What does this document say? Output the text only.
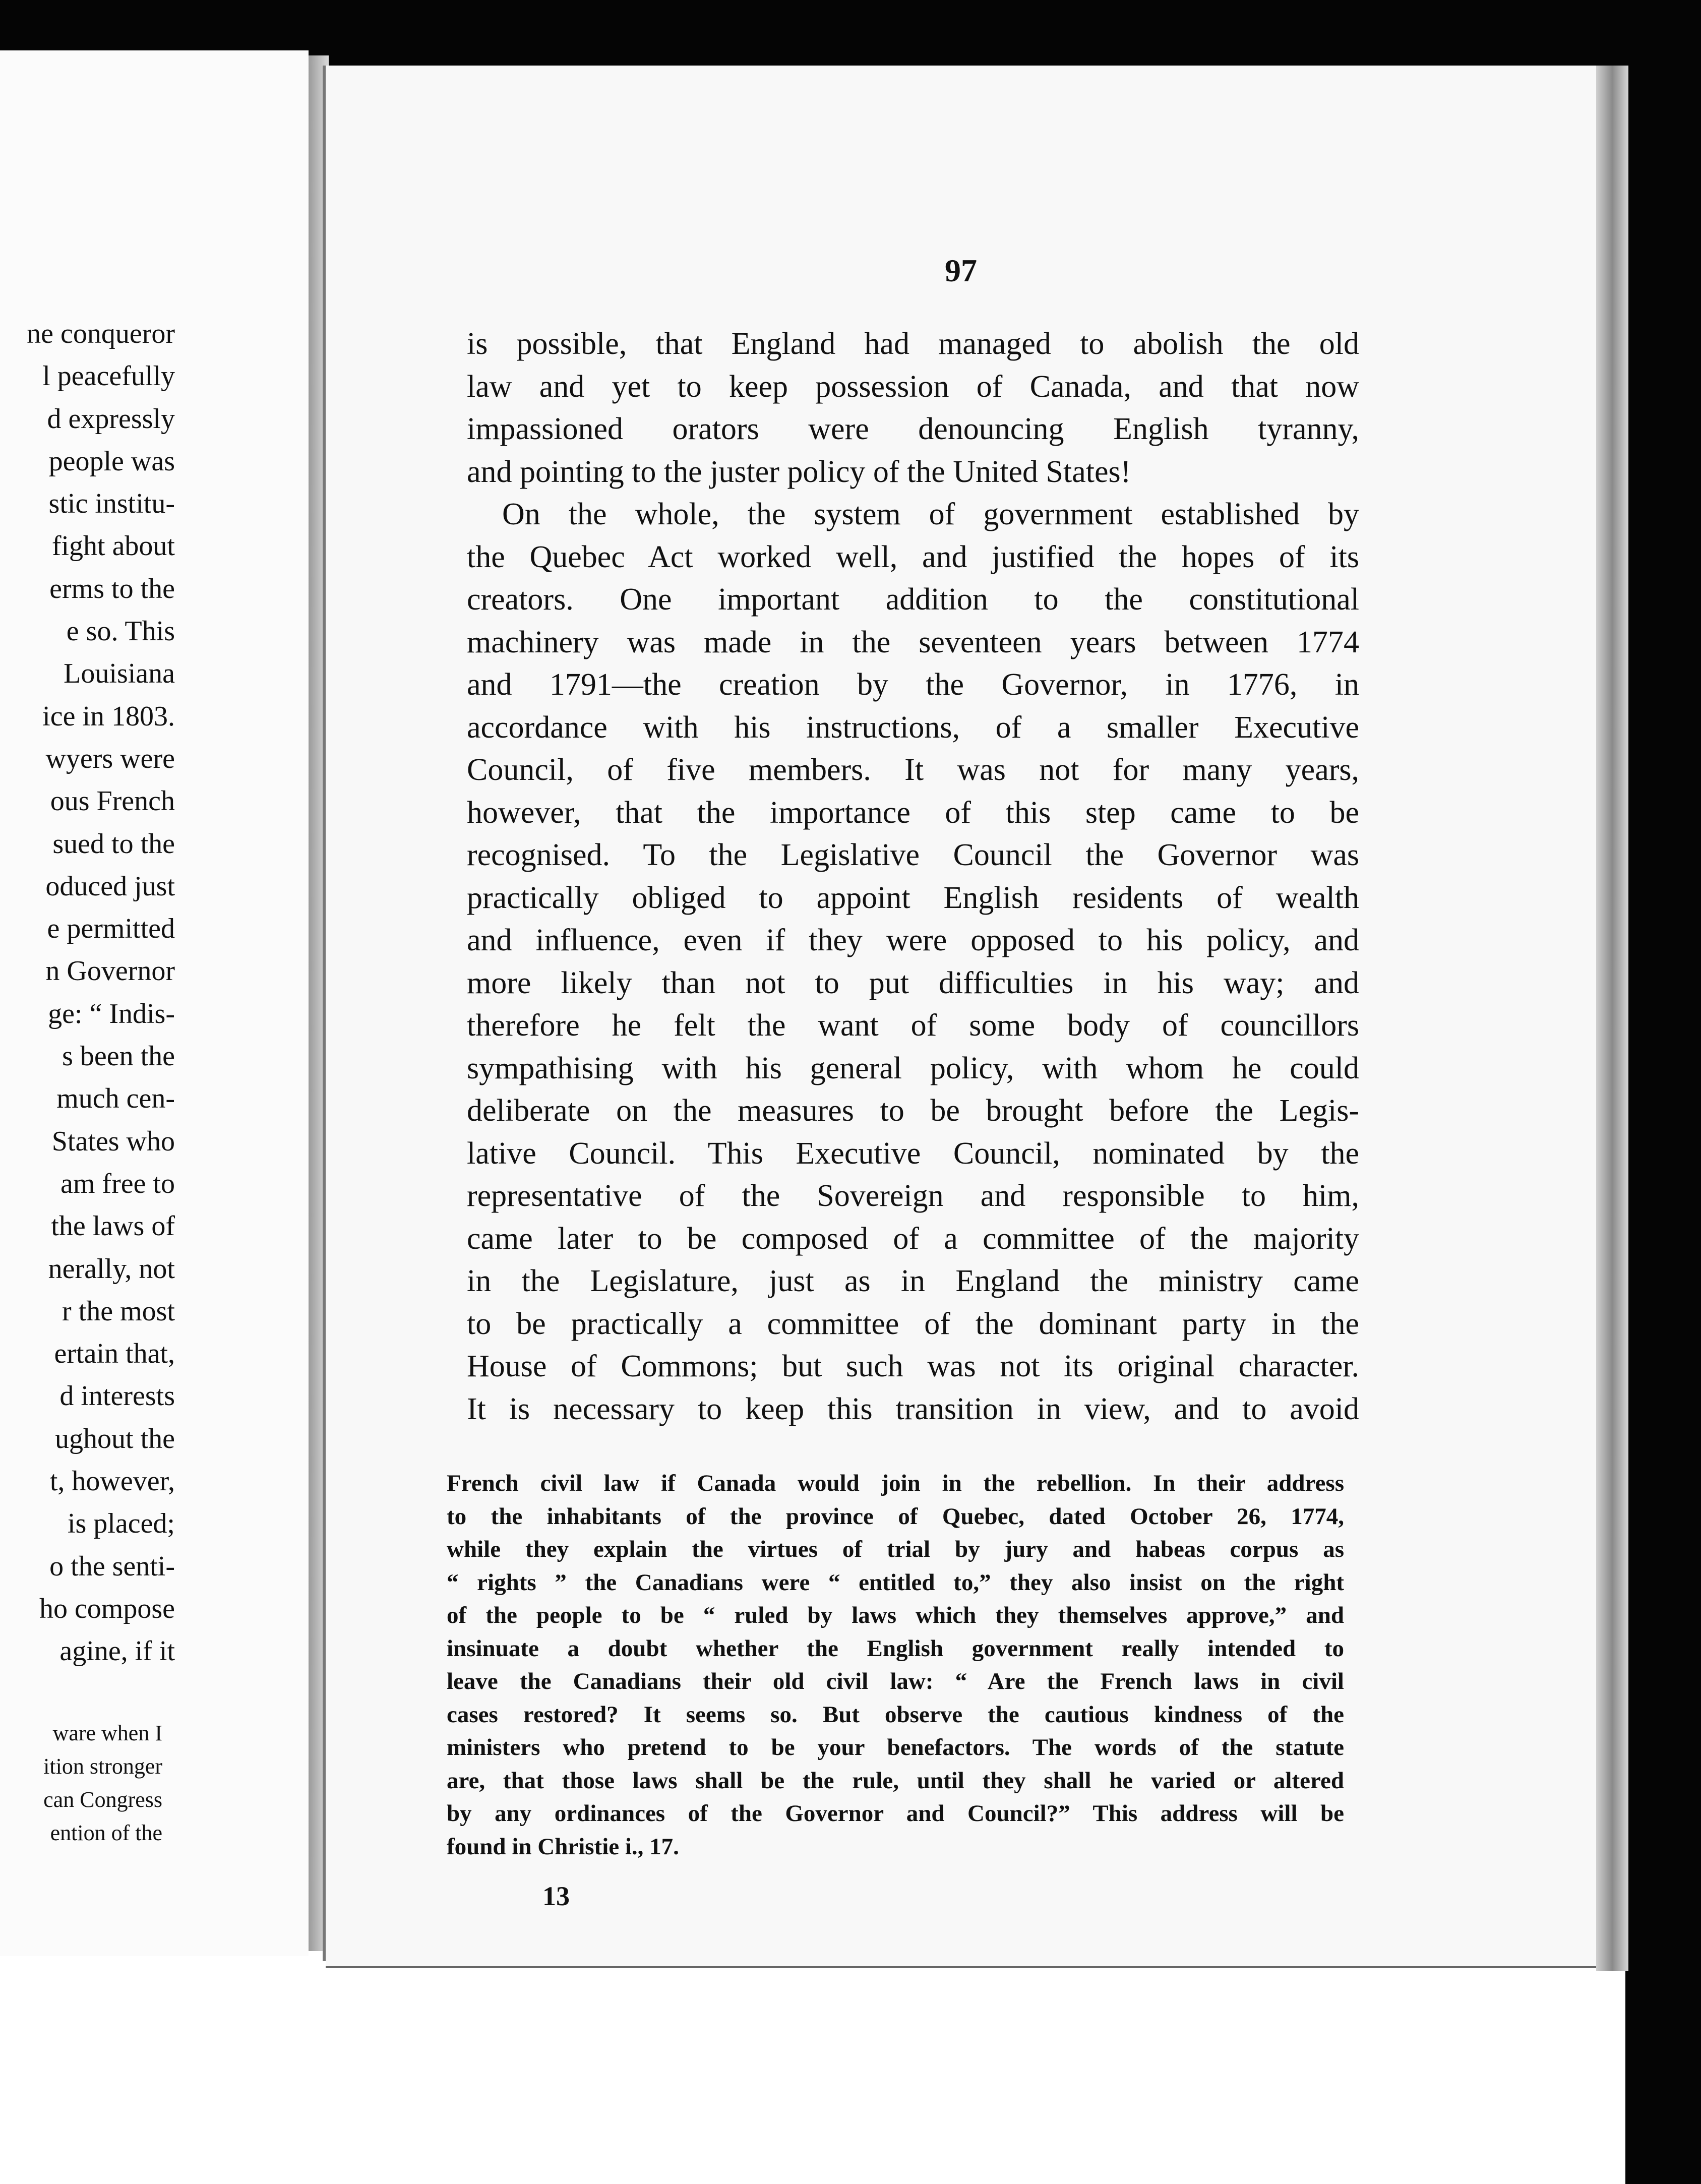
ne conqueror
l peacefully
d expressly
people was
stic institu-
fight about
erms to the
e so. This
Louisiana
ice in 1803.
wyers were
ous French
sued to the
oduced just
e permitted
n Governor
ge: “ Indis-
s been the
much cen-
States who
am free to
the laws of
nerally, not
r the most
ertain that,
d interests
ughout the
t, however,
is placed;
o the senti-
ho compose
agine, if it
ware when I
ition stronger
can Congress
ention of the
97
is possible, that England had managed to abolish the old
law and yet to keep possession of Canada, and that now
impassioned orators were denouncing English tyranny,
and pointing to the juster policy of the United States!
On the whole, the system of government established by
the Quebec Act worked well, and justified the hopes of its
creators. One important addition to the constitutional
machinery was made in the seventeen years between 1774
and 1791—the creation by the Governor, in 1776, in
accordance with his instructions, of a smaller Executive
Council, of five members. It was not for many years,
however, that the importance of this step came to be
recognised. To the Legislative Council the Governor was
practically obliged to appoint English residents of wealth
and influence, even if they were opposed to his policy, and
more likely than not to put difficulties in his way; and
therefore he felt the want of some body of councillors
sympathising with his general policy, with whom he could
deliberate on the measures to be brought before the Legis-
lative Council. This Executive Council, nominated by the
representative of the Sovereign and responsible to him,
came later to be composed of a committee of the majority
in the Legislature, just as in England the ministry came
to be practically a committee of the dominant party in the
House of Commons; but such was not its original character.
It is necessary to keep this transition in view, and to avoid
French civil law if Canada would join in the rebellion. In their address
to the inhabitants of the province of Quebec, dated October 26, 1774,
while they explain the virtues of trial by jury and habeas corpus as
“ rights ” the Canadians were “ entitled to,” they also insist on the right
of the people to be “ ruled by laws which they themselves approve,” and
insinuate a doubt whether the English government really intended to
leave the Canadians their old civil law: “ Are the French laws in civil
cases restored? It seems so. But observe the cautious kindness of the
ministers who pretend to be your benefactors. The words of the statute
are, that those laws shall be the rule, until they shall he varied or altered
by any ordinances of the Governor and Council?” This address will be
found in Christie i., 17.
13
